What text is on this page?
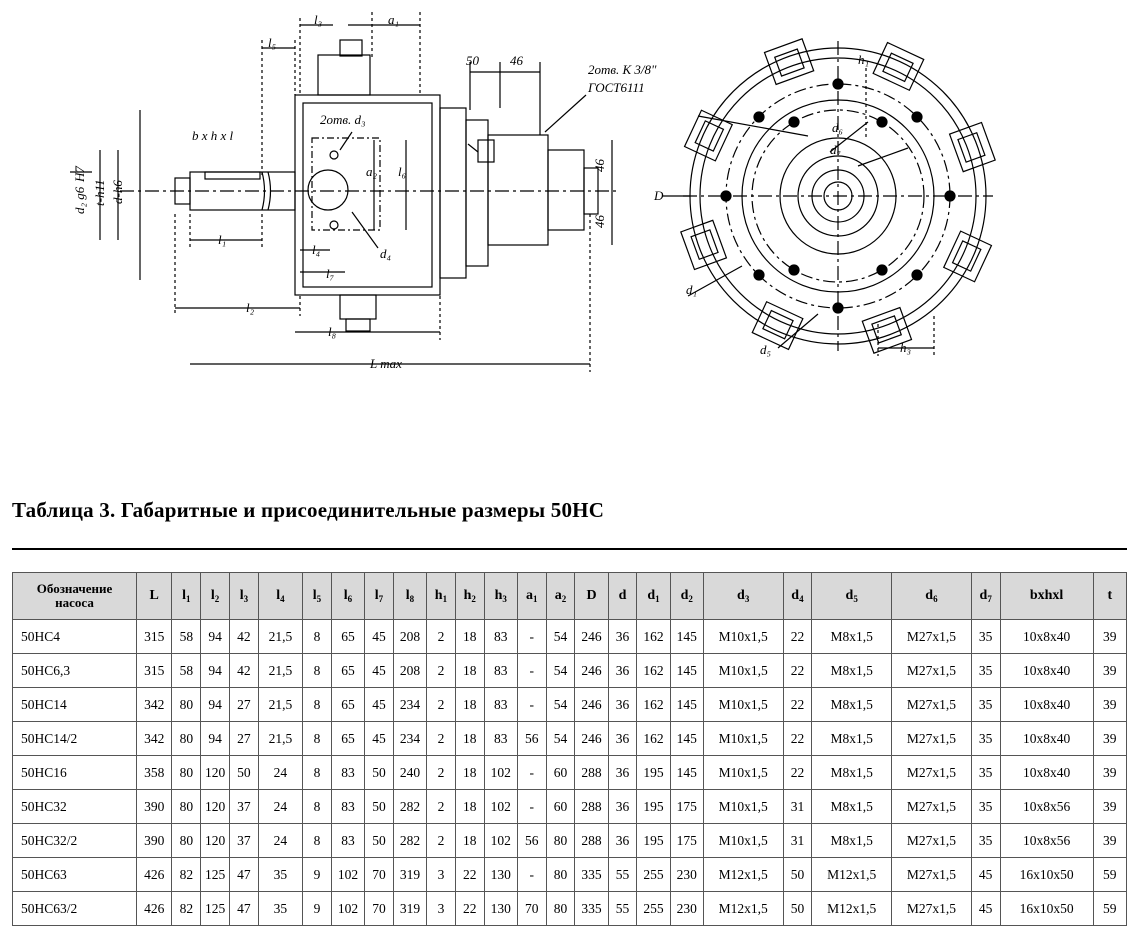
l₃	a₁
l₅
50 46
2отв. К 3/8"
ГОСТ6111
2отв. d₃
b x h x l
l₁
l₄
l₇
d₄
a₂ l₆
l₂
l₈
L max
h₁
d₆
d₇
D
d₁
d₅	h₃
46
46
H7
d₂ g6 t-h11 d-h6
Таблица 3. Габаритные и присоединительные размеры 50НС
Обозначение
насоса	L	$l_1$	$l_2$	$l_3$	$l_4$	$l_5$	$l_6$	$l_7$	$l_8$	$h_1$	$h_2$	$h_3$	$a_1$	$a_2$	D	d	$d_1$	$d_2$	$d_3$	$d_4$	$d_5$	$d_6$	$d_7$	bxhxl	t
50НС4	315	58	94	42	21,5	8	65	45	208	2	18	83	-	54	246	36	162	145	M10x1,5	22	M8x1,5	M27x1,5	35	10x8x40	39
50НС6,3	315	58	94	42	21,5	8	65	45	208	2	18	83	-	54	246	36	162	145	M10x1,5	22	M8x1,5	M27x1,5	35	10x8x40	39
50НС14	342	80	94	27	21,5	8	65	45	234	2	18	83	-	54	246	36	162	145	M10x1,5	22	M8x1,5	M27x1,5	35	10x8x40	39
50НС14/2	342	80	94	27	21,5	8	65	45	234	2	18	83	56	54	246	36	162	145	M10x1,5	22	M8x1,5	M27x1,5	35	10x8x40	39
50НС16	358	80	120	50	24	8	83	50	240	2	18	102	-	60	288	36	195	145	M10x1,5	22	M8x1,5	M27x1,5	35	10x8x40	39
50НС32	390	80	120	37	24	8	83	50	282	2	18	102	-	60	288	36	195	175	M10x1,5	31	M8x1,5	M27x1,5	35	10x8x56	39
50НС32/2	390	80	120	37	24	8	83	50	282	2	18	102	56	80	288	36	195	175	M10x1,5	31	M8x1,5	M27x1,5	35	10x8x56	39
50НС63	426	82	125	47	35	9	102	70	319	3	22	130	-	80	335	55	255	230	M12x1,5	50	M12x1,5	M27x1,5	45	16x10x50	59
50НС63/2	426	82	125	47	35	9	102	70	319	3	22	130	70	80	335	55	255	230	M12x1,5	50	M12x1,5	M27x1,5	45	16x10x50	59
